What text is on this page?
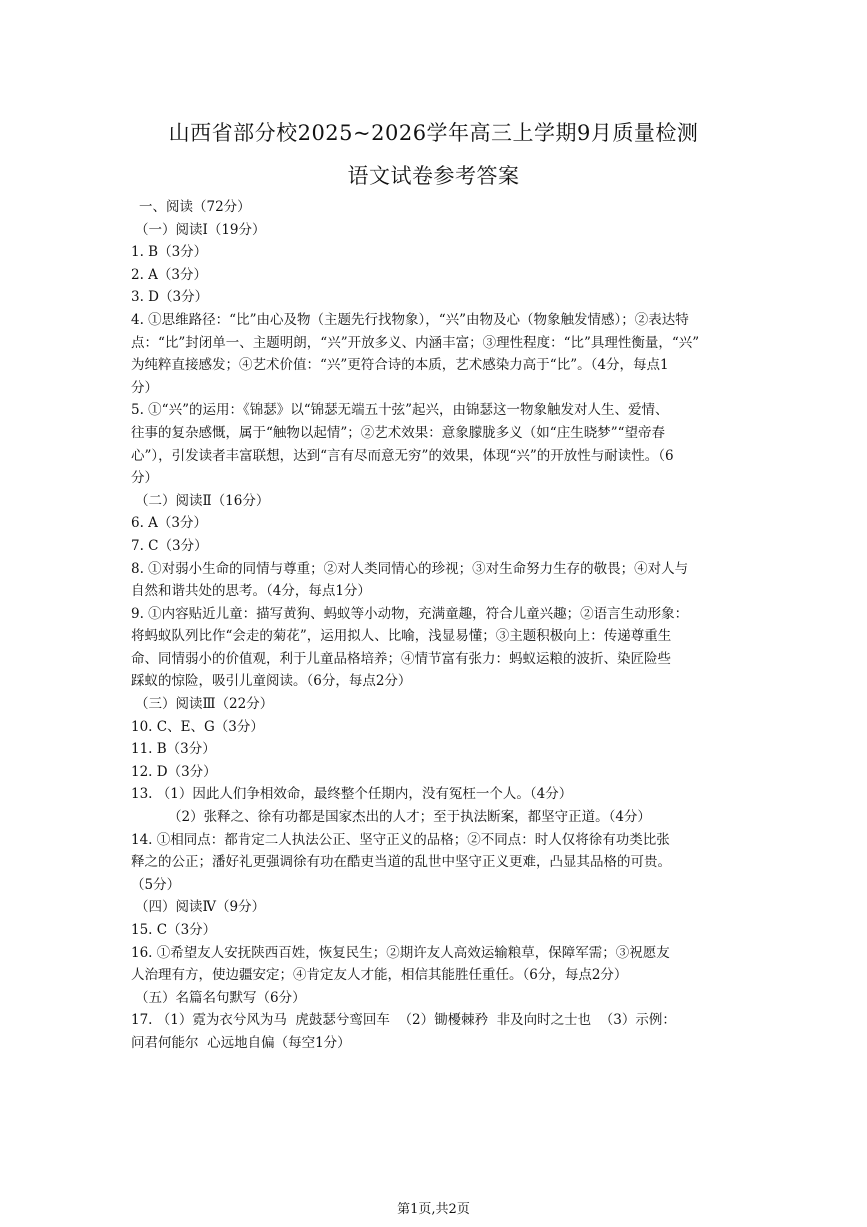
山西省部分校2025~2026学年高三上学期9月质量检测
语文试卷参考答案

一、阅读（72分）

（一）阅读Ⅰ（19分）

1. B（3分）

2. A（3分）

3. D（3分）

4. ①思维路径：“比”由心及物（主题先行找物象），“兴”由物及心（物象触发情感）；②表达特

点：“比”封闭单一、主题明朗，“兴”开放多义、内涵丰富；③理性程度：“比”具理性衡量，“兴”

为纯粹直接感发；④艺术价值：“兴”更符合诗的本质，艺术感染力高于“比”。（4分，每点1

分）

5. ①“兴”的运用：《锦瑟》以“锦瑟无端五十弦”起兴，由锦瑟这一物象触发对人生、爱情、

往事的复杂感慨，属于“触物以起情”；②艺术效果：意象朦胧多义（如“庄生晓梦”“望帝春

心”），引发读者丰富联想，达到“言有尽而意无穷”的效果，体现“兴”的开放性与耐读性。（6

分）

（二）阅读Ⅱ（16分）

6. A（3分）

7. C（3分）

8. ①对弱小生命的同情与尊重；②对人类同情心的珍视；③对生命努力生存的敬畏；④对人与

自然和谐共处的思考。（4分，每点1分）

9. ①内容贴近儿童：描写黄狗、蚂蚁等小动物，充满童趣，符合儿童兴趣；②语言生动形象：

将蚂蚁队列比作“会走的菊花”，运用拟人、比喻，浅显易懂；③主题积极向上：传递尊重生

命、同情弱小的价值观，利于儿童品格培养；④情节富有张力：蚂蚁运粮的波折、染匠险些

踩蚁的惊险，吸引儿童阅读。（6分，每点2分）

（三）阅读Ⅲ（22分）

10. C、E、G（3分）

11. B（3分）

12. D（3分）

13. （1）因此人们争相效命，最终整个任期内，没有冤枉一个人。（4分）

（2）张释之、徐有功都是国家杰出的人才；至于执法断案，都坚守正道。（4分）

14. ①相同点：都肯定二人执法公正、坚守正义的品格；②不同点：时人仅将徐有功类比张

释之的公正；潘好礼更强调徐有功在酷吏当道的乱世中坚守正义更难，凸显其品格的可贵。

（5分）

（四）阅读Ⅳ（9分）

15. C（3分）

16. ①希望友人安抚陕西百姓，恢复民生；②期许友人高效运输粮草，保障军需；③祝愿友

人治理有方，使边疆安定；④肯定友人才能，相信其能胜任重任。（6分，每点2分）

（五）名篇名句默写（6分）

17. （1）霓为衣兮风为马  虎鼓瑟兮鸾回车  （2）锄櫌棘矜  非及向时之士也  （3）示例：

问君何能尔  心远地自偏（每空1分）

第1页,共2页
